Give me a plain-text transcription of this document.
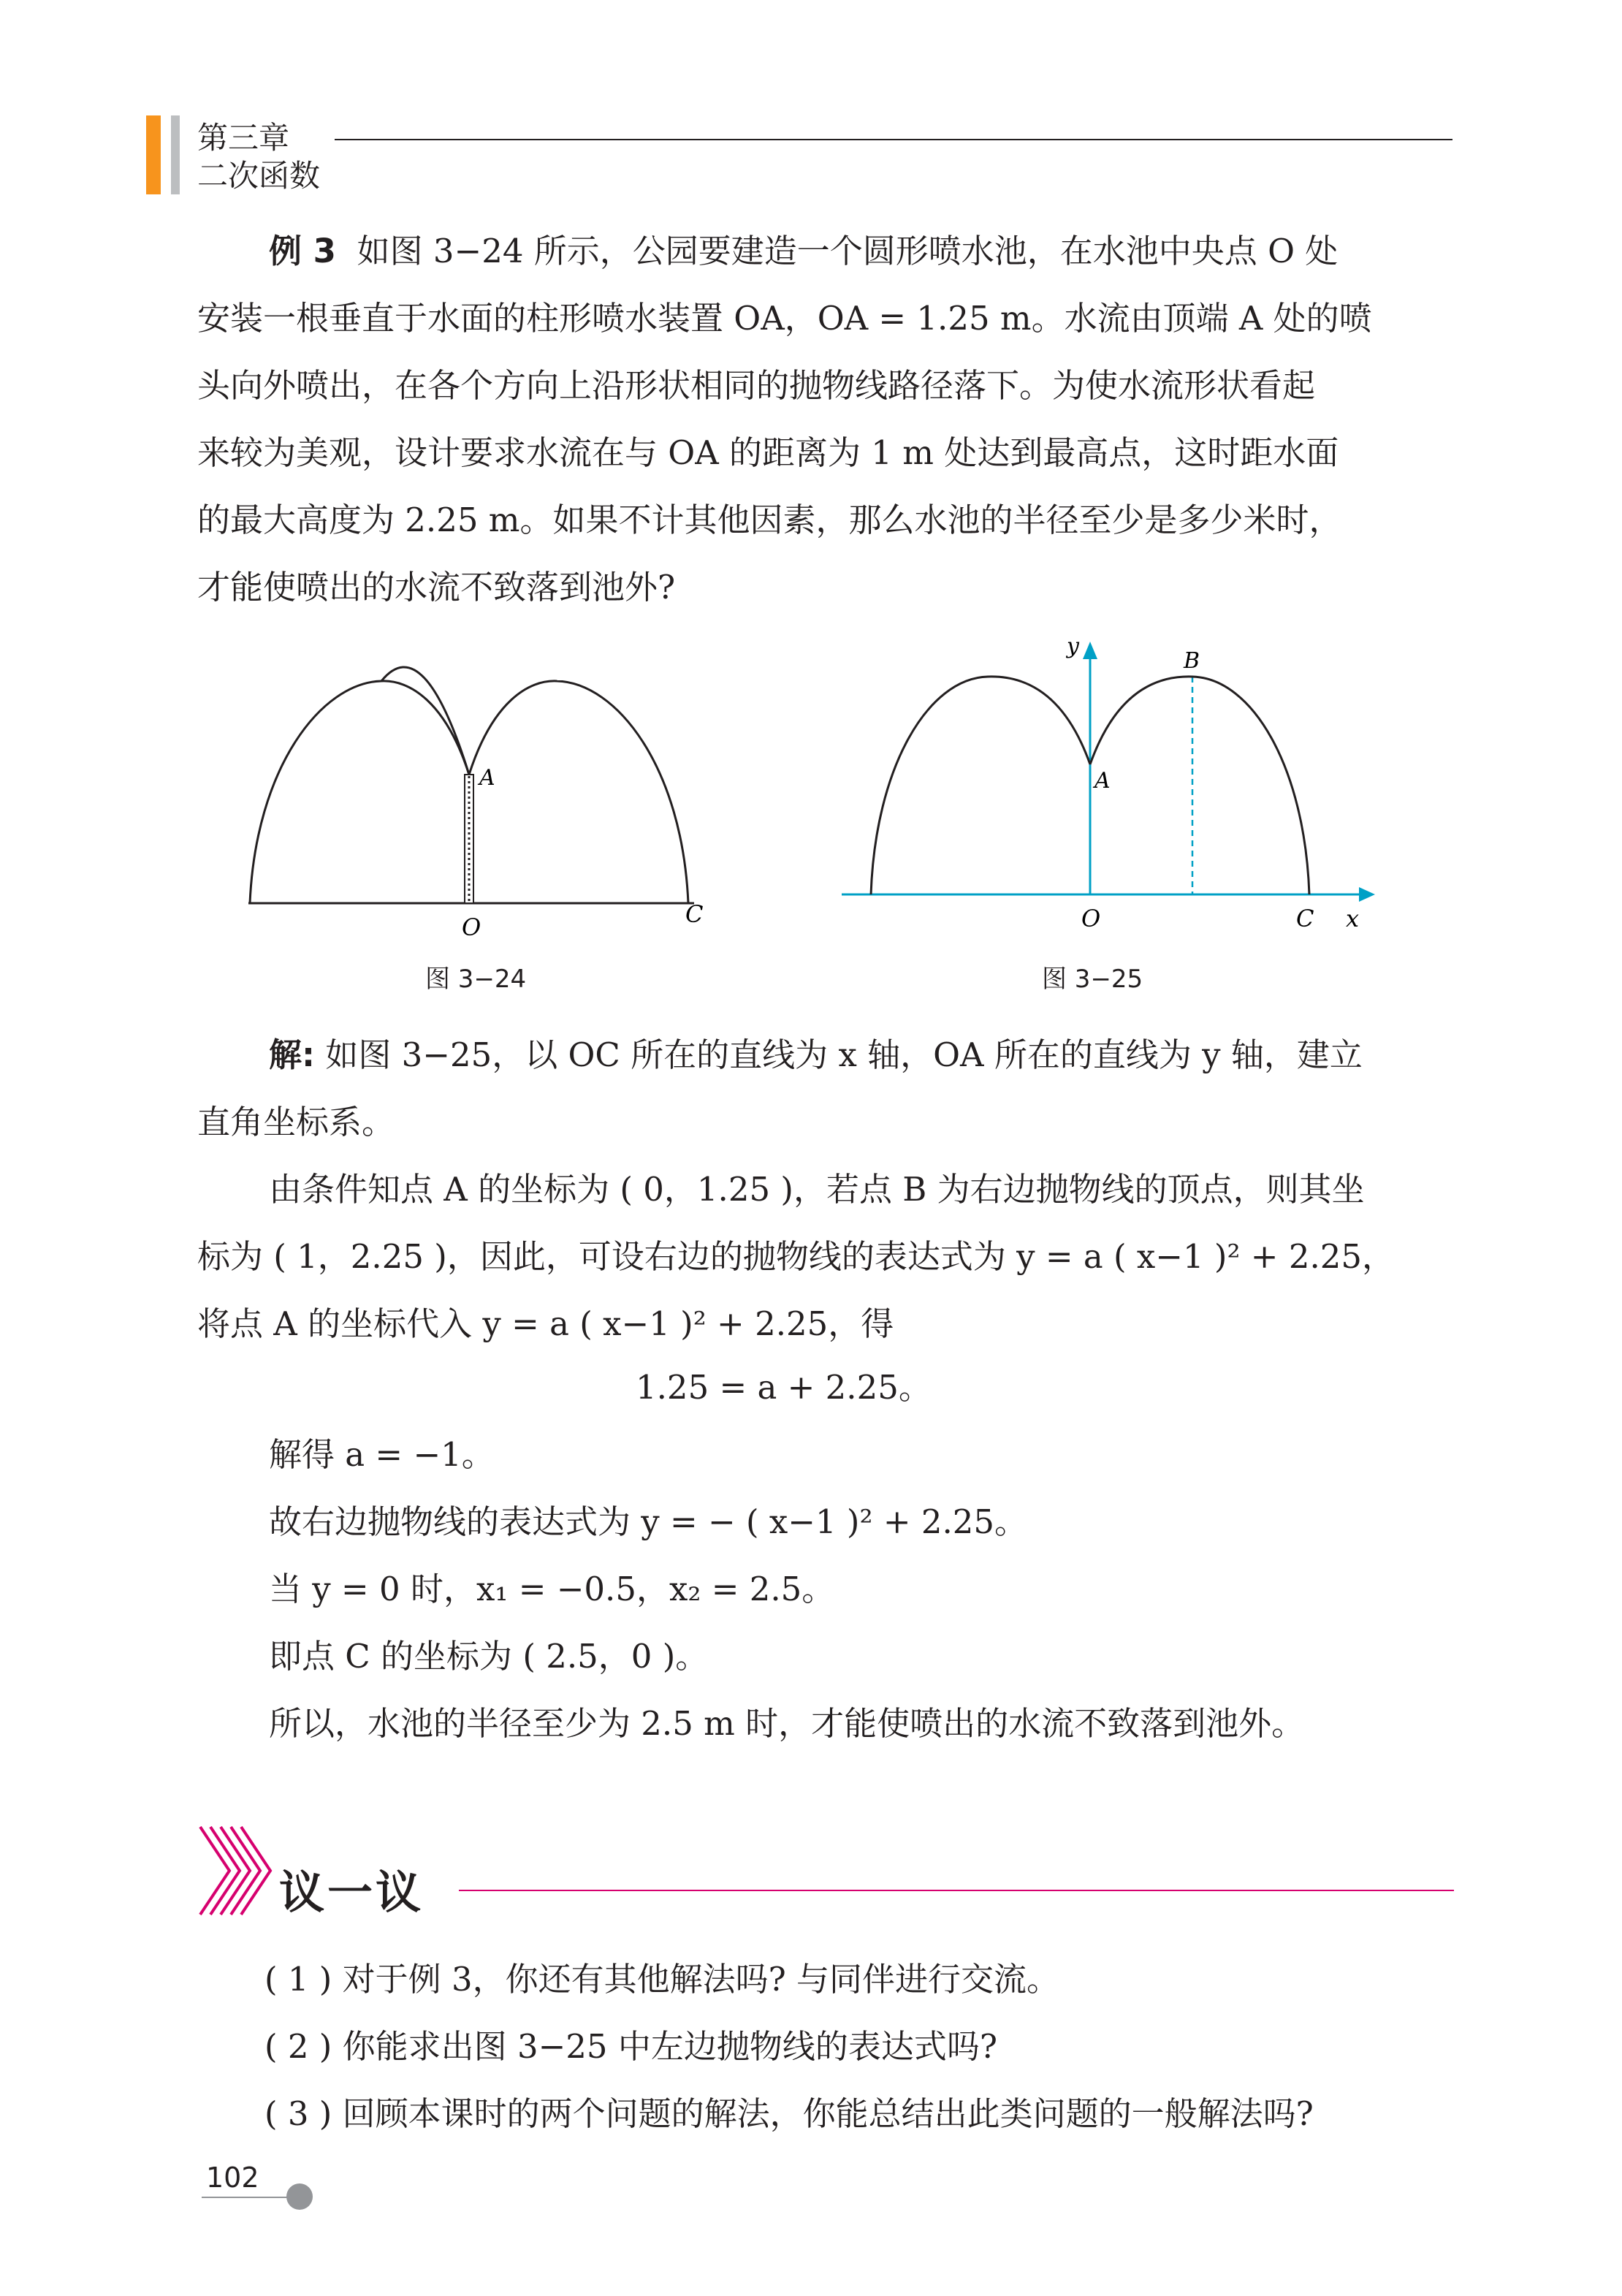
第三章
二次函数

例 3 如图 3−24 所示，公园要建造一个圆形喷水池，在水池中央点 O 处

安装一根垂直于水面的柱形喷水装置 OA，OA = 1.25 m。水流由顶端 A 处的喷

头向外喷出，在各个方向上沿形状相同的抛物线路径落下。为使水流形状看起

来较为美观，设计要求水流在与 OA 的距离为 1 m 处达到最高点，这时距水面

的最大高度为 2.25 m。如果不计其他因素，那么水池的半径至少是多少米时，

才能使喷出的水流不致落到池外?

A
O	C
图 3−24
y
B
A
O	C x
图 3−25

解: 如图 3−25，以 OC 所在的直线为 x 轴，OA 所在的直线为 y 轴，建立

直角坐标系。

由条件知点 A 的坐标为 ( 0，1.25 )，若点 B 为右边抛物线的顶点，则其坐

标为 ( 1，2.25 )，因此，可设右边的抛物线的表达式为 y = a ( x−1 )² + 2.25，

将点 A 的坐标代入 y = a ( x−1 )² + 2.25，得

1.25 = a + 2.25。
解得 a = −1。
故右边抛物线的表达式为 y = − ( x−1 )² + 2.25。
当 y = 0 时，x₁ = −0.5，x₂ = 2.5。
即点 C 的坐标为 ( 2.5，0 )。
所以，水池的半径至少为 2.5 m 时，才能使喷出的水流不致落到池外。
议一议
( 1 ) 对于例 3，你还有其他解法吗? 与同伴进行交流。
( 2 ) 你能求出图 3−25 中左边抛物线的表达式吗?
( 3 ) 回顾本课时的两个问题的解法，你能总结出此类问题的一般解法吗?
102
